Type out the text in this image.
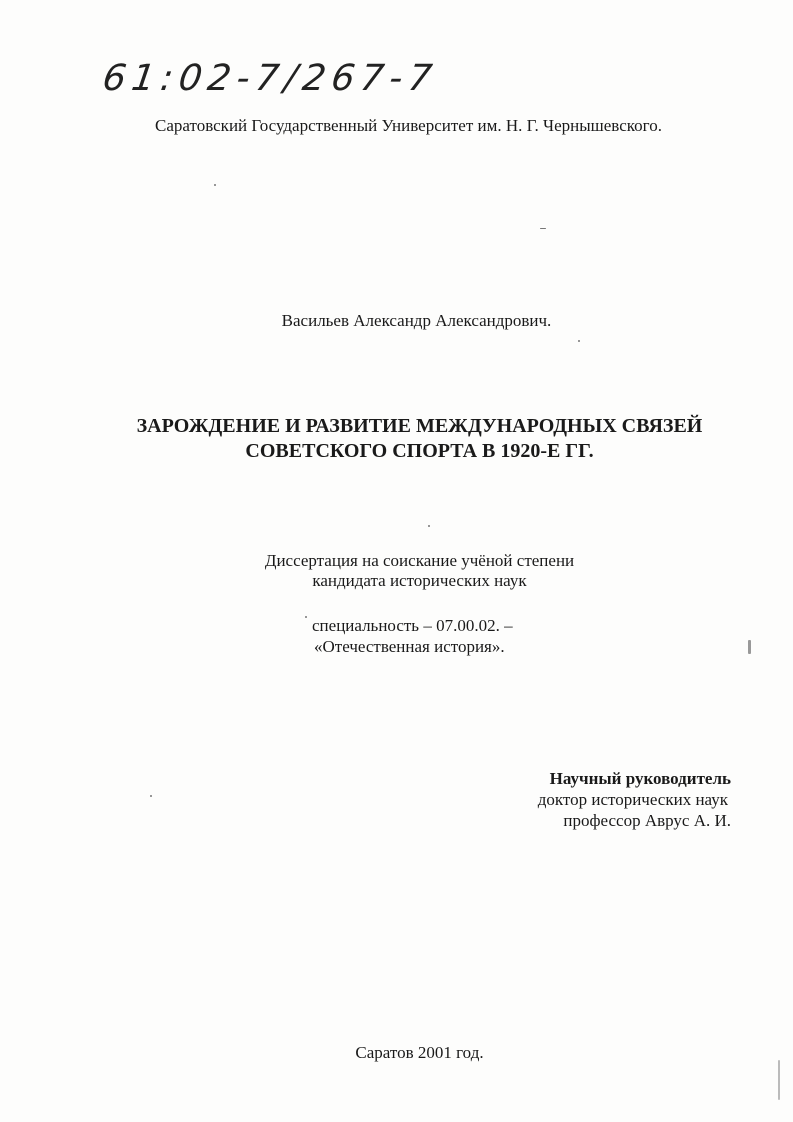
61:02-7/267-7
Саратовский Государственный Университет им. Н. Г. Чернышевского.
Васильев Александр Александрович.
ЗАРОЖДЕНИЕ И РАЗВИТИЕ МЕЖДУНАРОДНЫХ СВЯЗЕЙ
СОВЕТСКОГО СПОРТА В 1920-Е ГГ.
Диссертация на соискание учёной степени
кандидата исторических наук
специальность – 07.00.02. –
«Отечественная история».
Научный руководитель
доктор исторических наук
профессор Аврус А. И.
Саратов 2001 год.
